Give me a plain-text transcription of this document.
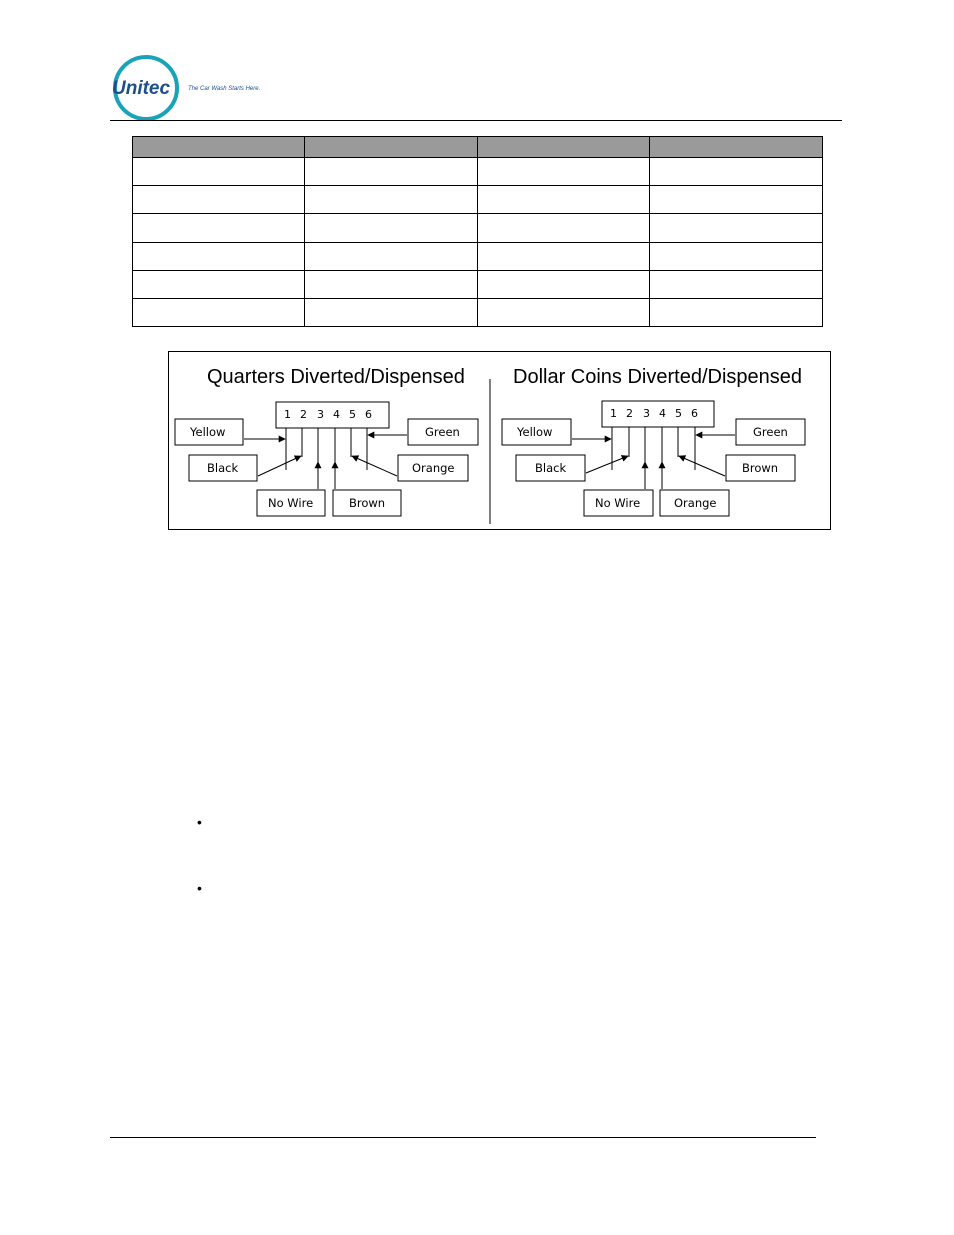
Unitec	The Car Wash Starts Here.

Quarters Diverted/Dispensed
1 2 3 4 5 6
Yellow
Black
No Wire	Brown
Orange
Green
Dollar Coins Diverted/Dispensed
1 2 3 4 5 6
Yellow
Black
No Wire	Orange
Brown
Green
•
•
